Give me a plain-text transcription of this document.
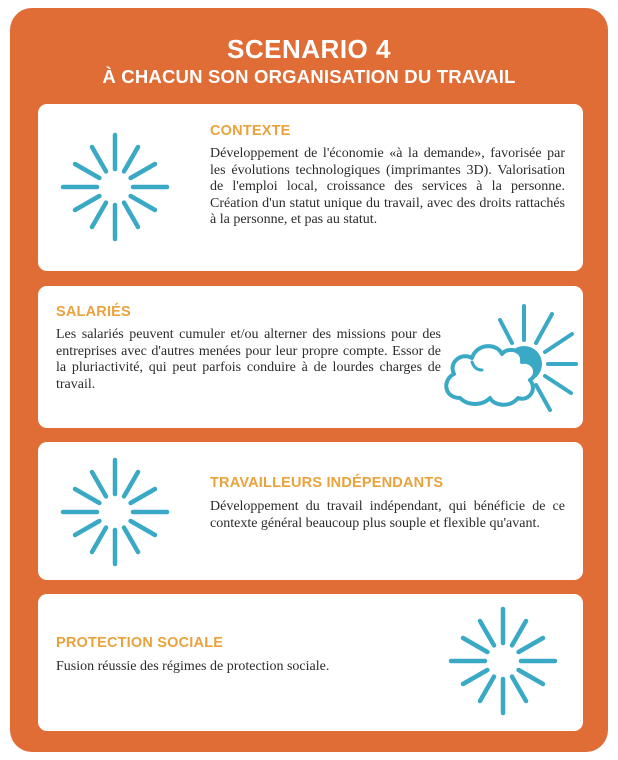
SCENARIO 4
À CHACUN SON ORGANISATION DU TRAVAIL
CONTEXTE

Développement de l'économie «à la demande», favorisée par les évolutions technologiques (imprimantes 3D). Valorisation de l'emploi local, croissance des services à la personne. Création d'un statut unique du travail, avec des droits rattachés à la personne, et pas au statut.

SALARIÉS

Les salariés peuvent cumuler et/ou alterner des missions pour des entreprises avec d'autres menées pour leur propre compte. Essor de la pluriactivité, qui peut parfois conduire à de lourdes charges de travail.

TRAVAILLEURS INDÉPENDANTS

Développement du travail indépendant, qui bénéficie de ce contexte général beaucoup plus souple et flexible qu'avant.

PROTECTION SOCIALE

Fusion réussie des régimes de protection sociale.
